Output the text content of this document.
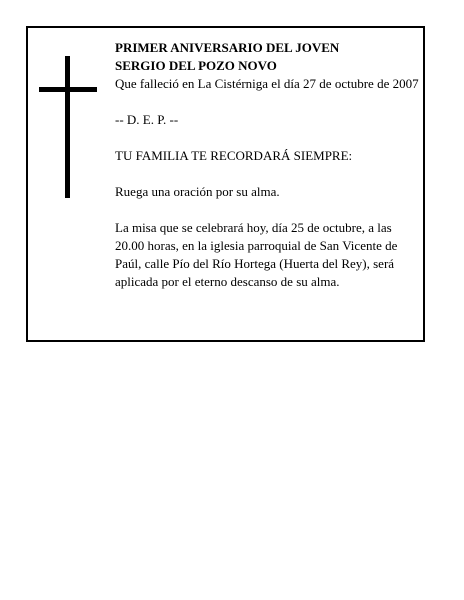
PRIMER ANIVERSARIO DEL JOVEN

SERGIO DEL POZO NOVO

Que falleció en La Cistérniga el día 27 de octubre de 2007

-- D. E. P. --

TU FAMILIA TE RECORDARÁ SIEMPRE:

Ruega una oración por su alma.

La misa que se celebrará hoy, día 25 de octubre, a las 20.00 horas, en la iglesia parroquial de San Vicente de Paúl, calle Pío del Río Hortega (Huerta del Rey), será aplicada por el eterno descanso de su alma.
